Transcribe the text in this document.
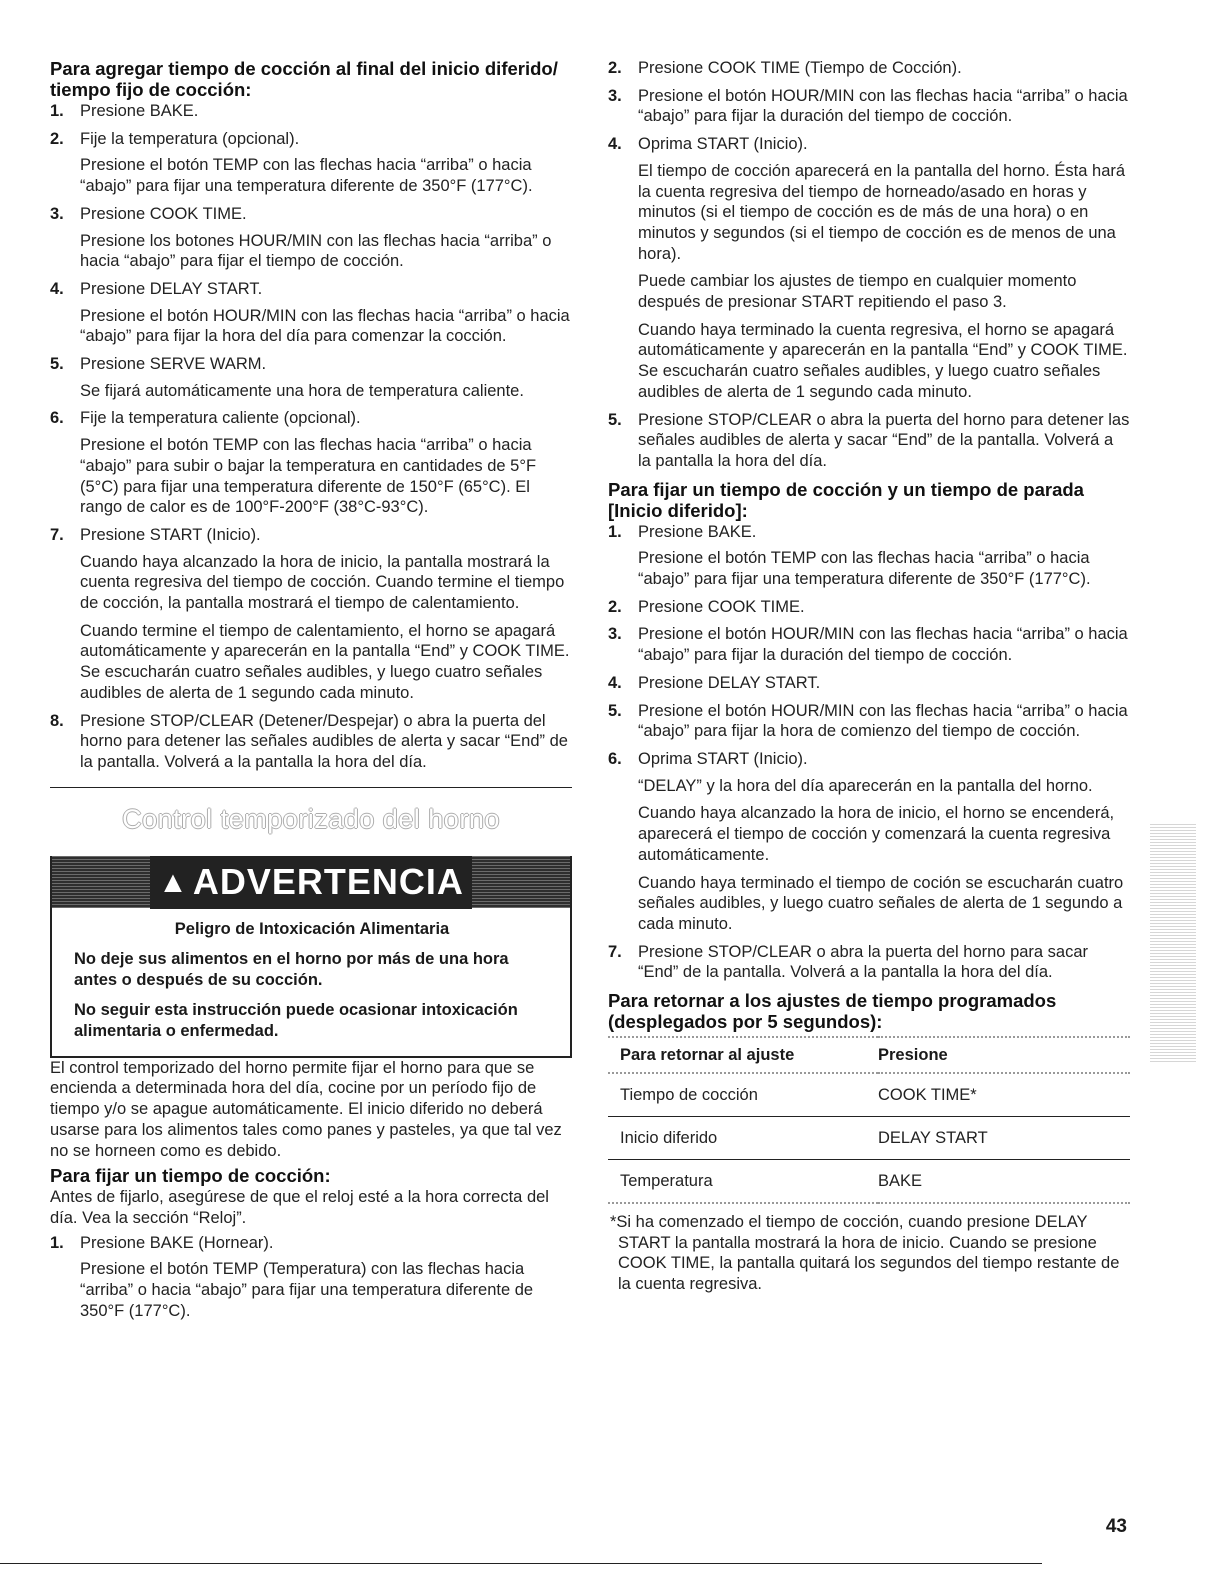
Para agregar tiempo de cocción al final del inicio diferido/ tiempo fijo de cocción:
1. Presione BAKE.

2. Fije la temperatura (opcional).

Presione el botón TEMP con las flechas hacia “arriba” o hacia “abajo” para fijar una temperatura diferente de 350°F (177°C).

3. Presione COOK TIME.

Presione los botones HOUR/MIN con las flechas hacia “arriba” o hacia “abajo” para fijar el tiempo de cocción.

4. Presione DELAY START.

Presione el botón HOUR/MIN con las flechas hacia “arriba” o hacia “abajo” para fijar la hora del día para comenzar la cocción.

5. Presione SERVE WARM.

Se fijará automáticamente una hora de temperatura caliente.

6. Fije la temperatura caliente (opcional).

Presione el botón TEMP con las flechas hacia “arriba” o hacia “abajo” para subir o bajar la temperatura en cantidades de 5°F (5°C) para fijar una temperatura diferente de 150°F (65°C). El rango de calor es de 100°F-200°F (38°C-93°C).

7. Presione START (Inicio).

Cuando haya alcanzado la hora de inicio, la pantalla mostrará la cuenta regresiva del tiempo de cocción. Cuando termine el tiempo de cocción, la pantalla mostrará el tiempo de calentamiento.

Cuando termine el tiempo de calentamiento, el horno se apagará automáticamente y aparecerán en la pantalla “End” y COOK TIME. Se escucharán cuatro señales audibles, y luego cuatro señales audibles de alerta de 1 segundo cada minuto.

8. Presione STOP/CLEAR (Detener/Despejar) o abra la puerta del horno para detener las señales audibles de alerta y sacar “End” de la pantalla. Volverá a la pantalla la hora del día.

Control temporizado del horno
▲ ADVERTENCIA

Peligro de Intoxicación Alimentaria

No deje sus alimentos en el horno por más de una hora antes o después de su cocción.

No seguir esta instrucción puede ocasionar intoxicación alimentaria o enfermedad.

El control temporizado del horno permite fijar el horno para que se encienda a determinada hora del día, cocine por un período fijo de tiempo y/o se apague automáticamente. El inicio diferido no deberá usarse para los alimentos tales como panes y pasteles, ya que tal vez no se horneen como es debido.

Para fijar un tiempo de cocción:

Antes de fijarlo, asegúrese de que el reloj esté a la hora correcta del día. Vea la sección “Reloj”.

1. Presione BAKE (Hornear).

Presione el botón TEMP (Temperatura) con las flechas hacia “arriba” o hacia “abajo” para fijar una temperatura diferente de 350°F (177°C).

2. Presione COOK TIME (Tiempo de Cocción).

3. Presione el botón HOUR/MIN con las flechas hacia “arriba” o hacia “abajo” para fijar la duración del tiempo de cocción.

4. Oprima START (Inicio).

El tiempo de cocción aparecerá en la pantalla del horno. Ésta hará la cuenta regresiva del tiempo de horneado/asado en horas y minutos (si el tiempo de cocción es de más de una hora) o en minutos y segundos (si el tiempo de cocción es de menos de una hora).

Puede cambiar los ajustes de tiempo en cualquier momento después de presionar START repitiendo el paso 3.

Cuando haya terminado la cuenta regresiva, el horno se apagará automáticamente y aparecerán en la pantalla “End” y COOK TIME. Se escucharán cuatro señales audibles, y luego cuatro señales audibles de alerta de 1 segundo cada minuto.

5. Presione STOP/CLEAR o abra la puerta del horno para detener las señales audibles de alerta y sacar “End” de la pantalla. Volverá a la pantalla la hora del día.

Para fijar un tiempo de cocción y un tiempo de parada [Inicio diferido]:
1. Presione BAKE.

Presione el botón TEMP con las flechas hacia “arriba” o hacia “abajo” para fijar una temperatura diferente de 350°F (177°C).

2. Presione COOK TIME.

3. Presione el botón HOUR/MIN con las flechas hacia “arriba” o hacia “abajo” para fijar la duración del tiempo de cocción.

4. Presione DELAY START.

5. Presione el botón HOUR/MIN con las flechas hacia “arriba” o hacia “abajo” para fijar la hora de comienzo del tiempo de cocción.

6. Oprima START (Inicio).

“DELAY” y la hora del día aparecerán en la pantalla del horno.

Cuando haya alcanzado la hora de inicio, el horno se encenderá, aparecerá el tiempo de cocción y comenzará la cuenta regresiva automáticamente.

Cuando haya terminado el tiempo de coción se escucharán cuatro señales audibles, y luego cuatro señales de alerta de 1 segundo a cada minuto.

7. Presione STOP/CLEAR o abra la puerta del horno para sacar “End” de la pantalla. Volverá a la pantalla la hora del día.

Para retornar a los ajustes de tiempo programados (desplegados por 5 segundos):
Para retornar al ajuste	Presione
Tiempo de cocción	COOK TIME*
Inicio diferido	DELAY START
Temperatura	BAKE

*Si ha comenzado el tiempo de cocción, cuando presione DELAY START la pantalla mostrará la hora de inicio. Cuando se presione COOK TIME, la pantalla quitará los segundos del tiempo restante de la cuenta regresiva.

43
